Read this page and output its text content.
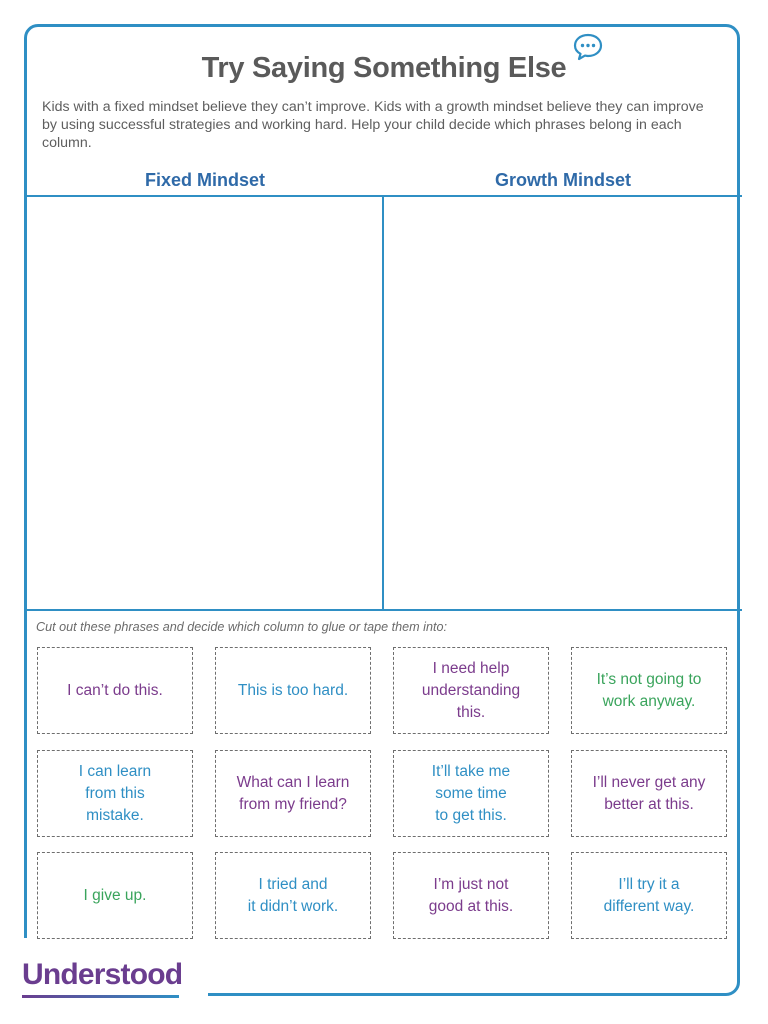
Try Saying Something Else
Kids with a fixed mindset believe they can’t improve. Kids with a growth mindset believe they can improve by using successful strategies and working hard. Help your child decide which phrases belong in each column.
Fixed Mindset	Growth Mindset
Cut out these phrases and decide which column to glue or tape them into:
I can’t do this.	This is too hard.
I need help
understanding
this.
It’s not going to
work anyway.
I can learn
from this
mistake.
What can I learn
from my friend?
It’ll take me
some time
to get this.
I’ll never get any
better at this.
I give up.
I tried and
it didn’t work.
I’m just not
good at this.
I’ll try it a
different way.
Understood
